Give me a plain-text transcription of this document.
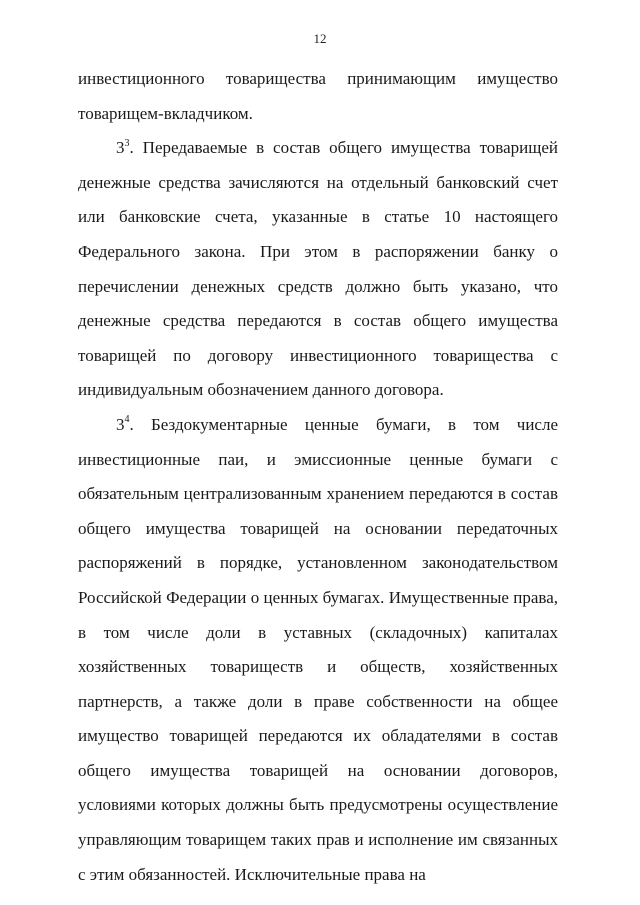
12

инвестиционного товарищества принимающим имущество товарищем-вкладчиком.

$3^3$. Передаваемые в состав общего имущества товарищей денежные средства зачисляются на отдельный банковский счет или банковские счета, указанные в статье 10 настоящего Федерального закона. При этом в распоряжении банку о перечислении денежных средств должно быть указано, что денежные средства передаются в состав общего имущества товарищей по договору инвестиционного товарищества с индивидуальным обозначением данного договора.

$3^4$. Бездокументарные ценные бумаги, в том числе инвестиционные паи, и эмиссионные ценные бумаги с обязательным централизованным хранением передаются в состав общего имущества товарищей на основании передаточных распоряжений в порядке, установленном законодательством Российской Федерации о ценных бумагах. Имущественные права, в том числе доли в уставных (складочных) капиталах хозяйственных товариществ и обществ, хозяйственных партнерств, а также доли в праве собственности на общее имущество товарищей передаются их обладателями в состав общего имущества товарищей на основании договоров, условиями которых должны быть предусмотрены осуществление управляющим товарищем таких прав и исполнение им связанных с этим обязанностей. Исключительные права на
